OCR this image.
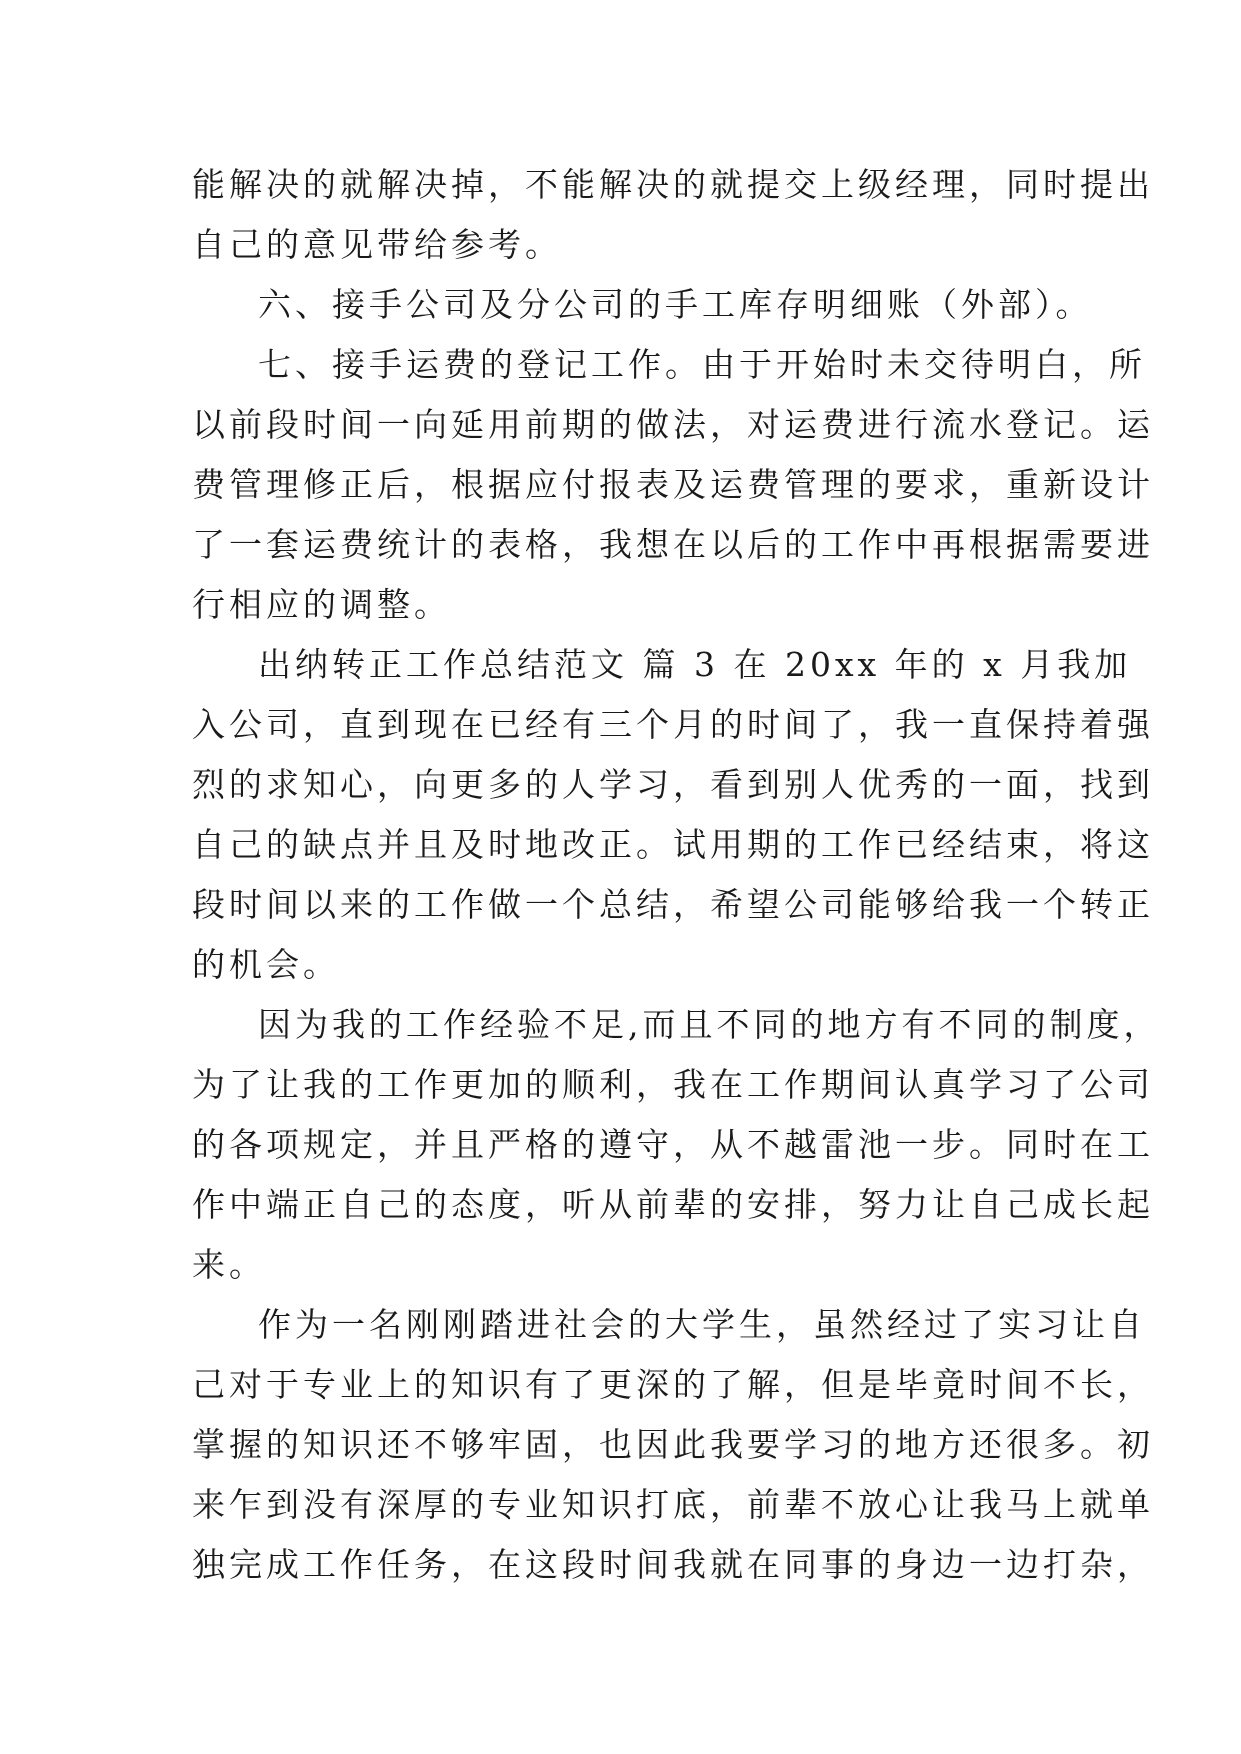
能解决的就解决掉，不能解决的就提交上级经理，同时提出
自己的意见带给参考。
六、接手公司及分公司的手工库存明细账（外部）。
七、接手运费的登记工作。由于开始时未交待明白，所
以前段时间一向延用前期的做法，对运费进行流水登记。运
费管理修正后，根据应付报表及运费管理的要求，重新设计
了一套运费统计的表格，我想在以后的工作中再根据需要进
行相应的调整。
出纳转正工作总结范文 篇 3 在 20xx 年的 x 月我加
入公司，直到现在已经有三个月的时间了，我一直保持着强
烈的求知心，向更多的人学习，看到别人优秀的一面，找到
自己的缺点并且及时地改正。试用期的工作已经结束，将这
段时间以来的工作做一个总结，希望公司能够给我一个转正
的机会。
因为我的工作经验不足,而且不同的地方有不同的制度，
为了让我的工作更加的顺利，我在工作期间认真学习了公司
的各项规定，并且严格的遵守，从不越雷池一步。同时在工
作中端正自己的态度，听从前辈的安排，努力让自己成长起
来。
作为一名刚刚踏进社会的大学生，虽然经过了实习让自
己对于专业上的知识有了更深的了解，但是毕竟时间不长，
掌握的知识还不够牢固，也因此我要学习的地方还很多。初
来乍到没有深厚的专业知识打底，前辈不放心让我马上就单
独完成工作任务，在这段时间我就在同事的身边一边打杂，
